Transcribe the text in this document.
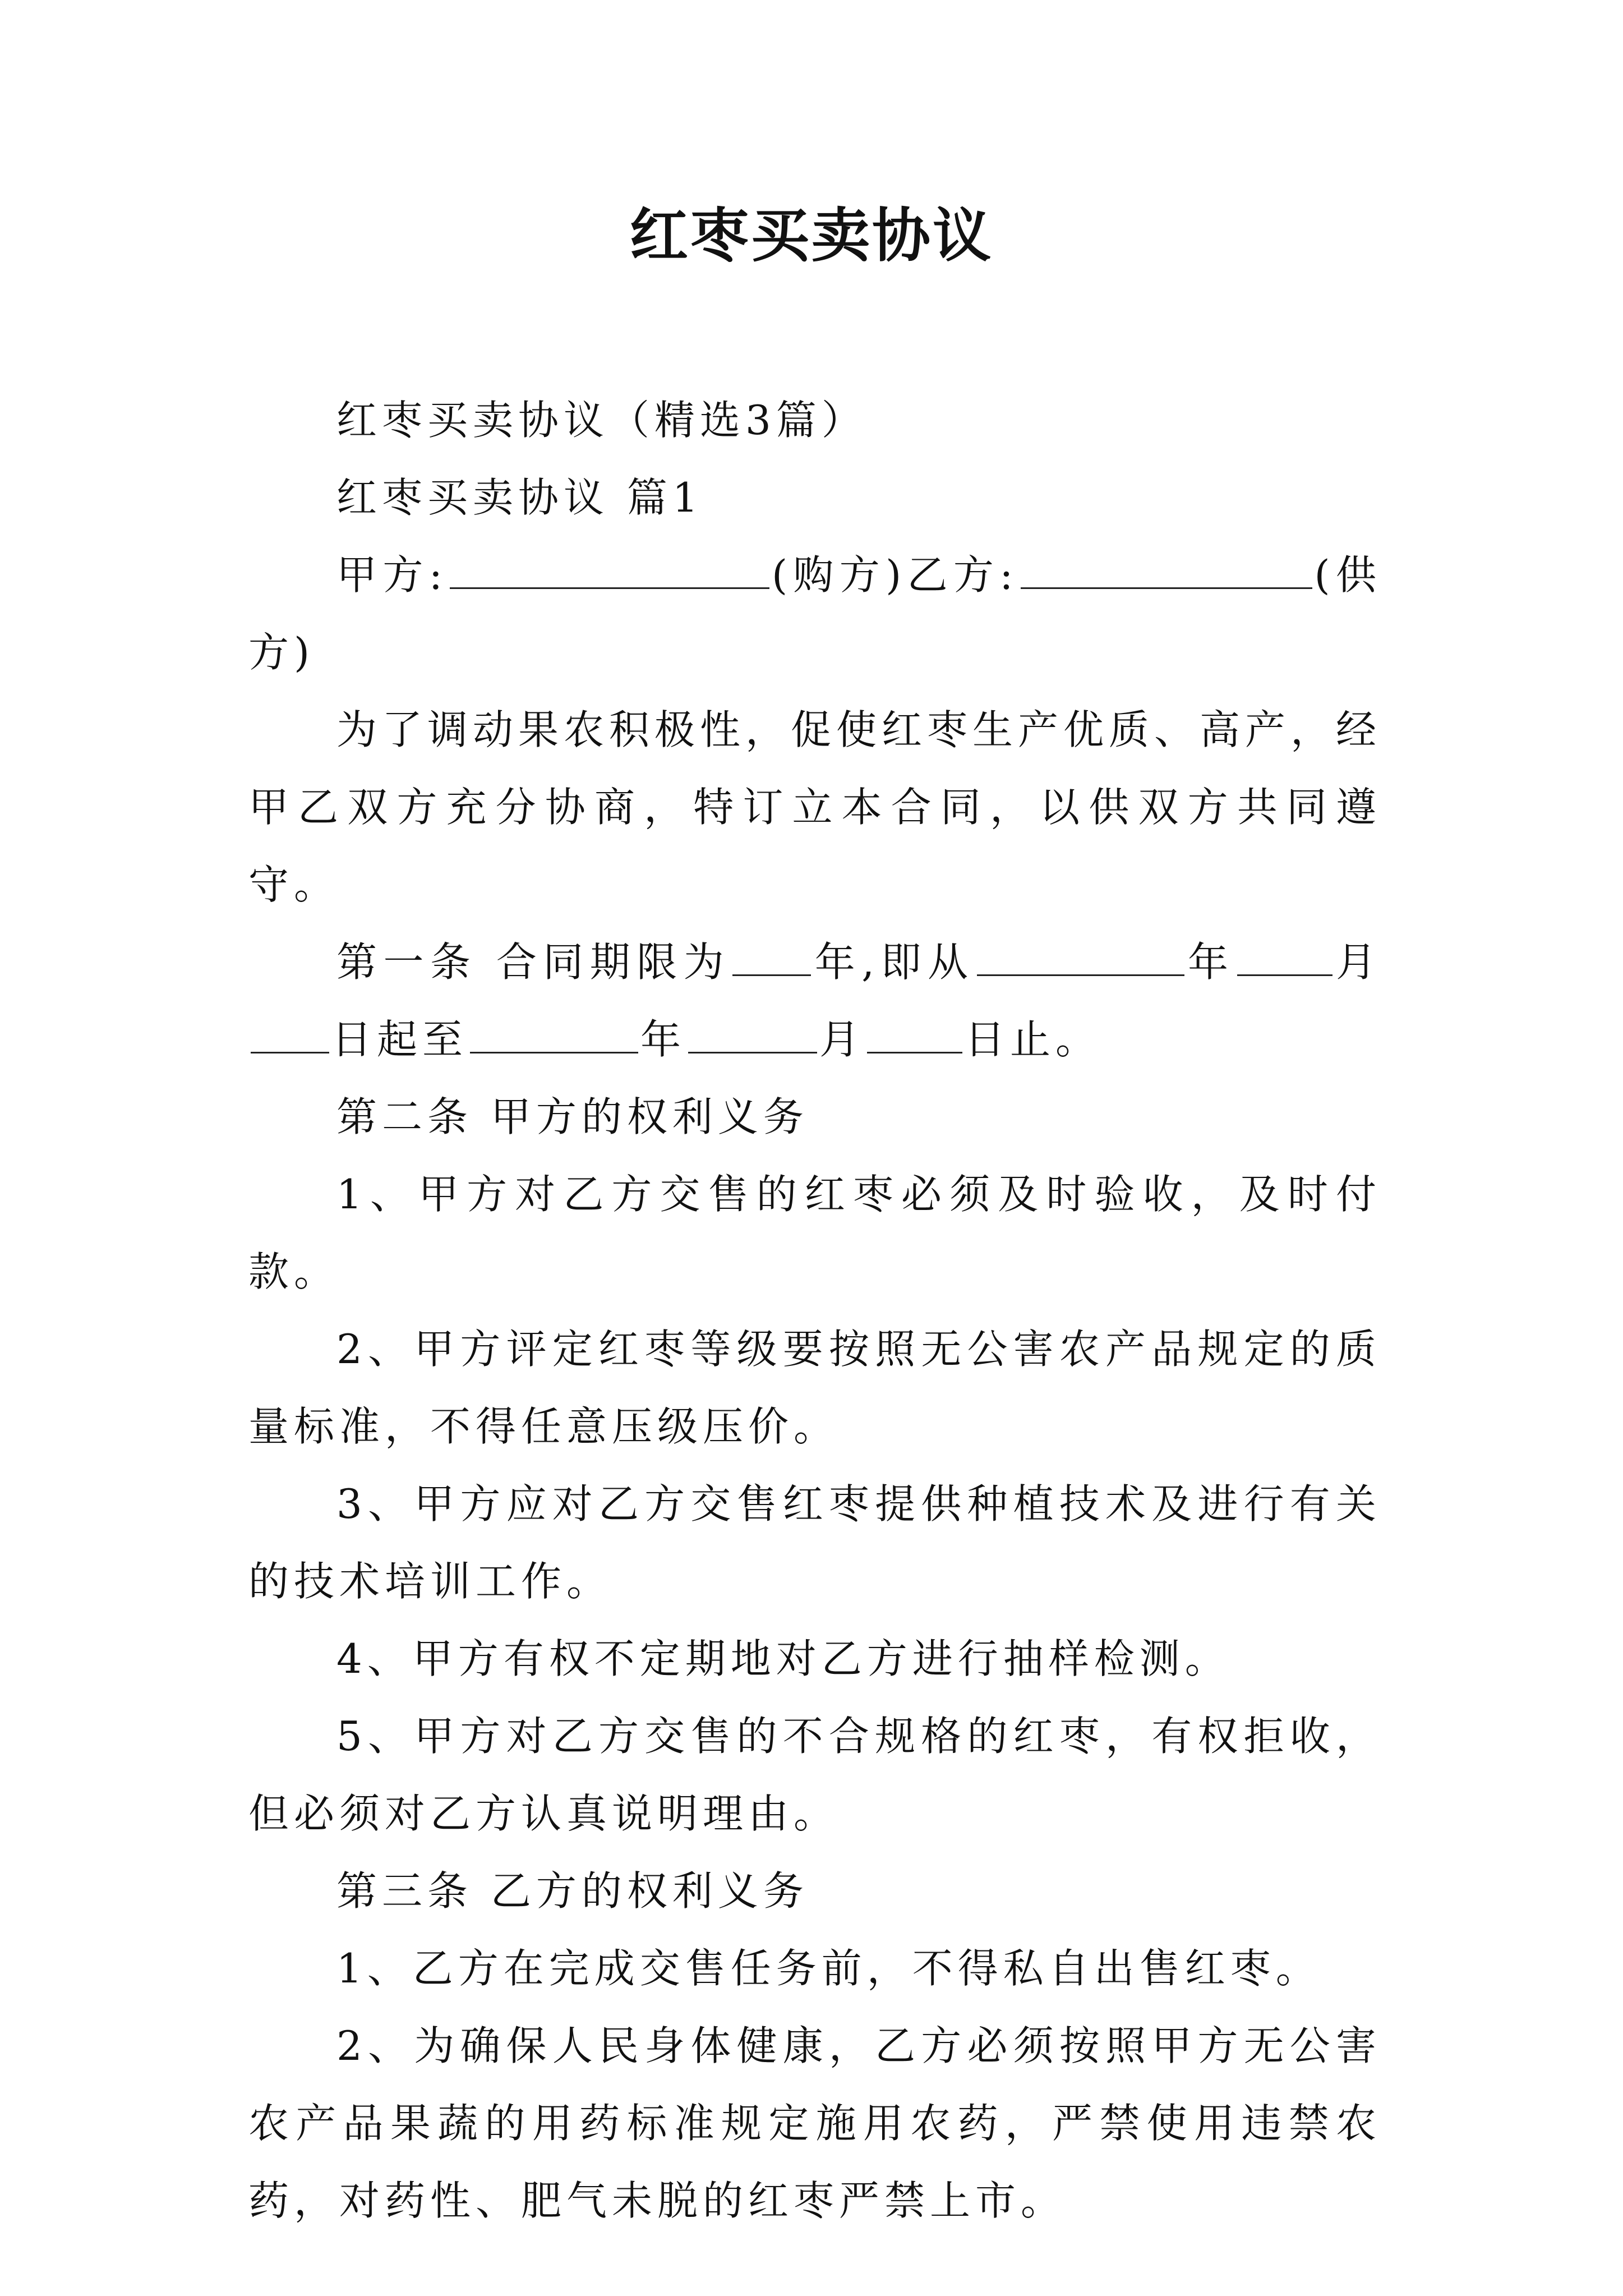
红枣买卖协议

红枣买卖协议（精选3篇）

红枣买卖协议 篇1

甲方:	(购方)乙方:	(供方)

为了调动果农积极性，促使红枣生产优质、高产，经甲乙双方充分协商，特订立本合同，以供双方共同遵守。

第一条 合同期限为 年,即从	年 月日起至	年	月 日止。

第二条 甲方的权利义务

1、甲方对乙方交售的红枣必须及时验收，及时付款。

2、甲方评定红枣等级要按照无公害农产品规定的质量标准，不得任意压级压价。

3、甲方应对乙方交售红枣提供种植技术及进行有关的技术培训工作。

4、甲方有权不定期地对乙方进行抽样检测。

5、甲方对乙方交售的不合规格的红枣，有权拒收，但必须对乙方认真说明理由。

第三条 乙方的权利义务

1、乙方在完成交售任务前，不得私自出售红枣。

2、为确保人民身体健康，乙方必须按照甲方无公害农产品果蔬的用药标准规定施用农药，严禁使用违禁农药，对药性、肥气未脱的红枣严禁上市。
